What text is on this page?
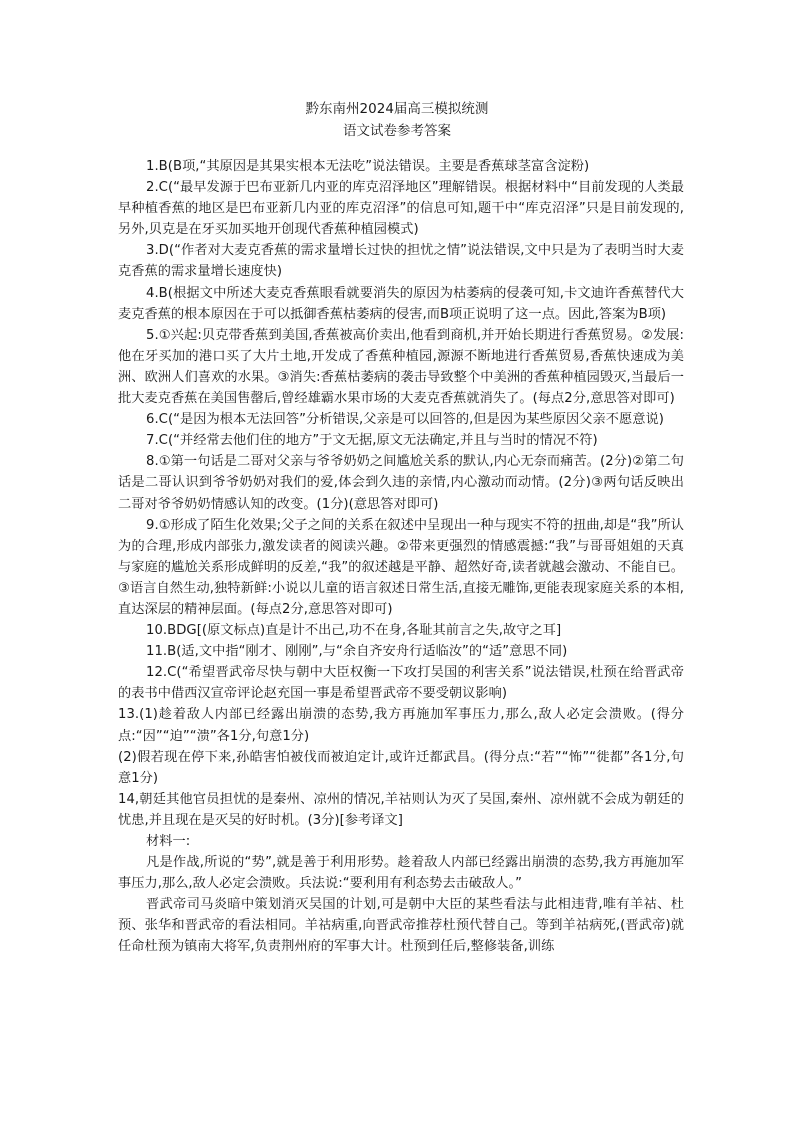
黔东南州2024届高三模拟统测
语文试卷参考答案

1.B(B项,“其原因是其果实根本无法吃”说法错误。主要是香蕉球茎富含淀粉)

2.C(“最早发源于巴布亚新几内亚的库克沼泽地区”理解错误。根据材料中“目前发现的人类最早种植香蕉的地区是巴布亚新几内亚的库克沼泽”的信息可知,题干中“库克沼泽”只是目前发现的,另外,贝克是在牙买加买地开创现代香蕉种植园模式)

3.D(“作者对大麦克香蕉的需求量增长过快的担忧之情”说法错误,文中只是为了表明当时大麦克香蕉的需求量增长速度快)

4.B(根据文中所述大麦克香蕉眼看就要消失的原因为枯萎病的侵袭可知,卡文迪许香蕉替代大麦克香蕉的根本原因在于可以抵御香蕉枯萎病的侵害,而B项正说明了这一点。因此,答案为B项)

5.①兴起:贝克带香蕉到美国,香蕉被高价卖出,他看到商机,并开始长期进行香蕉贸易。②发展:他在牙买加的港口买了大片土地,开发成了香蕉种植园,源源不断地进行香蕉贸易,香蕉快速成为美洲、欧洲人们喜欢的水果。③消失:香蕉枯萎病的袭击导致整个中美洲的香蕉种植园毁灭,当最后一批大麦克香蕉在美国售罄后,曾经雄霸水果市场的大麦克香蕉就消失了。(每点2分,意思答对即可)

6.C(“是因为根本无法回答”分析错误,父亲是可以回答的,但是因为某些原因父亲不愿意说)

7.C(“并经常去他们住的地方”于文无据,原文无法确定,并且与当时的情况不符)

8.①第一句话是二哥对父亲与爷爷奶奶之间尴尬关系的默认,内心无奈而痛苦。(2分)②第二句话是二哥认识到爷爷奶奶对我们的爱,体会到久违的亲情,内心激动而动情。(2分)③两句话反映出二哥对爷爷奶奶情感认知的改变。(1分)(意思答对即可)

9.①形成了陌生化效果;父子之间的关系在叙述中呈现出一种与现实不符的扭曲,却是“我”所认为的合理,形成内部张力,激发读者的阅读兴趣。②带来更强烈的情感震撼:“我”与哥哥姐姐的天真与家庭的尴尬关系形成鲜明的反差,“我”的叙述越是平静、超然好奇,读者就越会激动、不能自已。③语言自然生动,独特新鲜:小说以儿童的语言叙述日常生活,直接无雕饰,更能表现家庭关系的本相,直达深层的精神层面。(每点2分,意思答对即可)

10.BDG[(原文标点)直是计不出己,功不在身,各耻其前言之失,故守之耳]

11.B(适,文中指“刚才、刚刚”,与“余自齐安舟行适临汝”的“适”意思不同)

12.C(“希望晋武帝尽快与朝中大臣权衡一下攻打吴国的利害关系”说法错误,杜预在给晋武帝的表书中借西汉宣帝评论赵充国一事是希望晋武帝不要受朝议影响)

13.(1)趁着敌人内部已经露出崩溃的态势,我方再施加军事压力,那么,敌人必定会溃败。(得分点:“因”“迫”“溃”各1分,句意1分)

(2)假若现在停下来,孙皓害怕被伐而被迫定计,或许迁都武昌。(得分点:“若”“怖”“徙都”各1分,句意1分)

14,朝廷其他官员担忧的是秦州、凉州的情况,羊祜则认为灭了吴国,秦州、凉州就不会成为朝廷的忧患,并且现在是灭吴的好时机。(3分)[参考译文]

材料一:

凡是作战,所说的“势”,就是善于利用形势。趁着敌人内部已经露出崩溃的态势,我方再施加军事压力,那么,敌人必定会溃败。兵法说:“要利用有利态势去击破敌人。”

晋武帝司马炎暗中策划消灭吴国的计划,可是朝中大臣的某些看法与此相违背,唯有羊祜、杜预、张华和晋武帝的看法相同。羊祜病重,向晋武帝推荐杜预代替自己。等到羊祜病死,(晋武帝)就任命杜预为镇南大将军,负责荆州府的军事大计。杜预到任后,整修装备,训练
